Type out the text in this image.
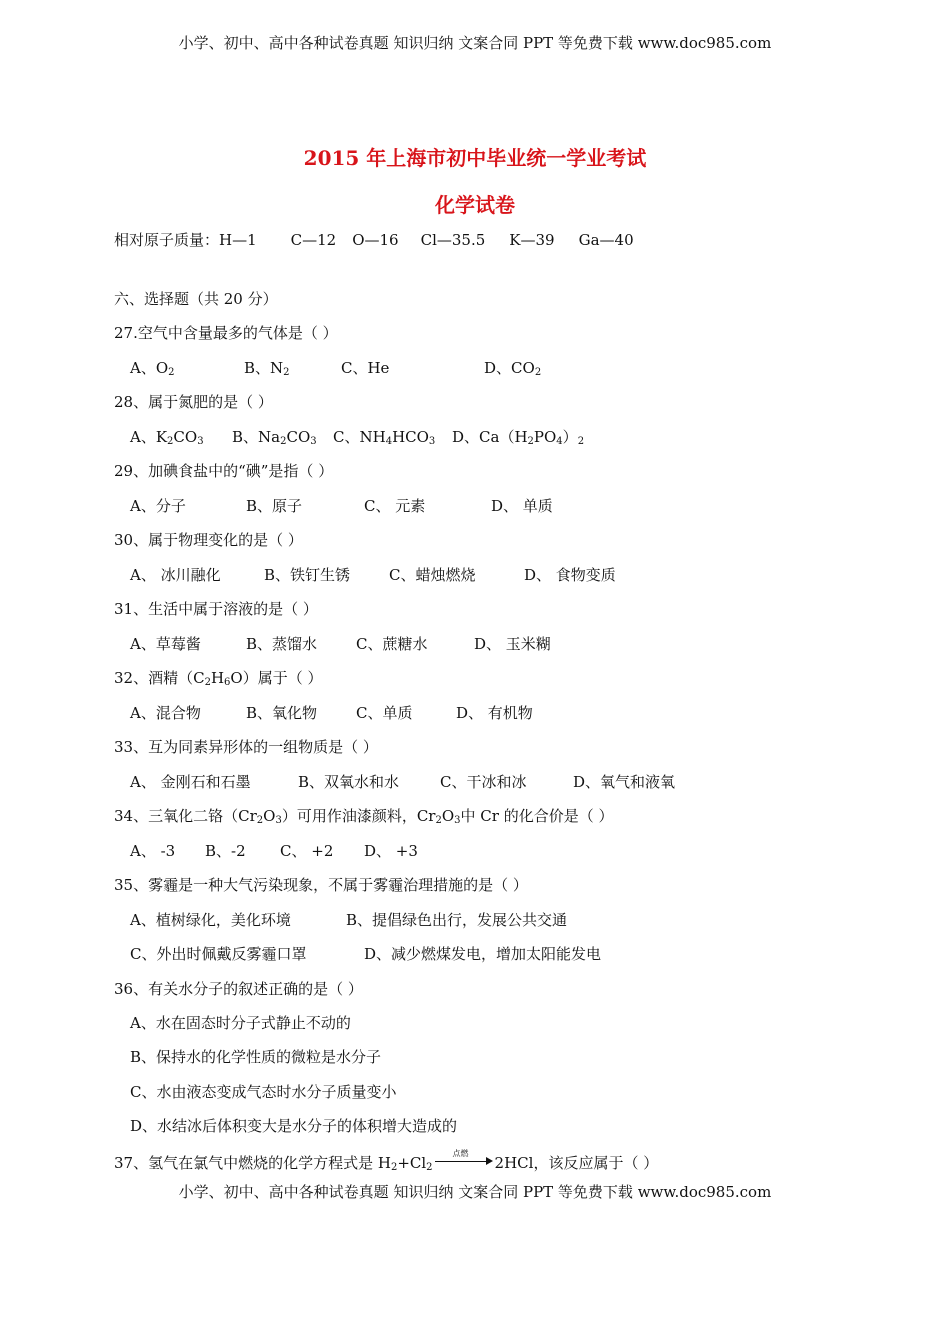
小学、初中、高中各种试卷真题 知识归纳 文案合同 PPT 等免费下载 www.doc985.com
2015 年上海市初中毕业统一学业考试
化学试卷
相对原子质量：H—1 C—12 O—16 Cl—35.5 K—39 Ga—40
六、选择题（共 20 分）
27.空气中含量最多的气体是（ ）
A、$O_2$	B、$N_2$	C、He	D、$CO_2$
28、属于氮肥的是（ ）
A、$K_2CO_3$ B、$Na_2CO_3$ C、$NH_4HCO_3$ D、$Ca(H_2PO_4)_2$
29、加碘食盐中的“碘”是指（ ）
A、分子	B、原子	C、 元素	D、 单质
30、属于物理变化的是（ ）
A、 冰川融化	B、铁钉生锈	C、蜡烛燃烧	D、 食物变质
31、生活中属于溶液的是（ ）
A、草莓酱	B、蒸馏水	C、蔗糖水	D、 玉米糊
32、酒精$(C_2H_6O)$属于（ ）
A、混合物	B、氧化物	C、单质	D、 有机物
33、互为同素异形体的一组物质是（ ）
A、 金刚石和石墨	B、双氧水和水	C、干冰和冰	D、氧气和液氧
34、三氧化二铬$(Cr_2O_3)$可用作油漆颜料，$Cr_2O_3$中 Cr 的化合价是（ ）
A、 -3 B、-2 C、 +2 D、 +3
35、雾霾是一种大气污染现象，不属于雾霾治理措施的是（ ）
A、植树绿化，美化环境	B、提倡绿色出行，发展公共交通
C、外出时佩戴反雾霾口罩	D、减少燃煤发电，增加太阳能发电
36、有关水分子的叙述正确的是（ ）
A、水在固态时分子式静止不动的
B、保持水的化学性质的微粒是水分子
C、水由液态变成气态时水分子质量变小
D、水结冰后体积变大是水分子的体积增大造成的
37、氢气在氯气中燃烧的化学方程式是 $H_2+Cl_2$
点燃
2HCl，该反应属于（ ）
小学、初中、高中各种试卷真题 知识归纳 文案合同 PPT 等免费下载 www.doc985.com
